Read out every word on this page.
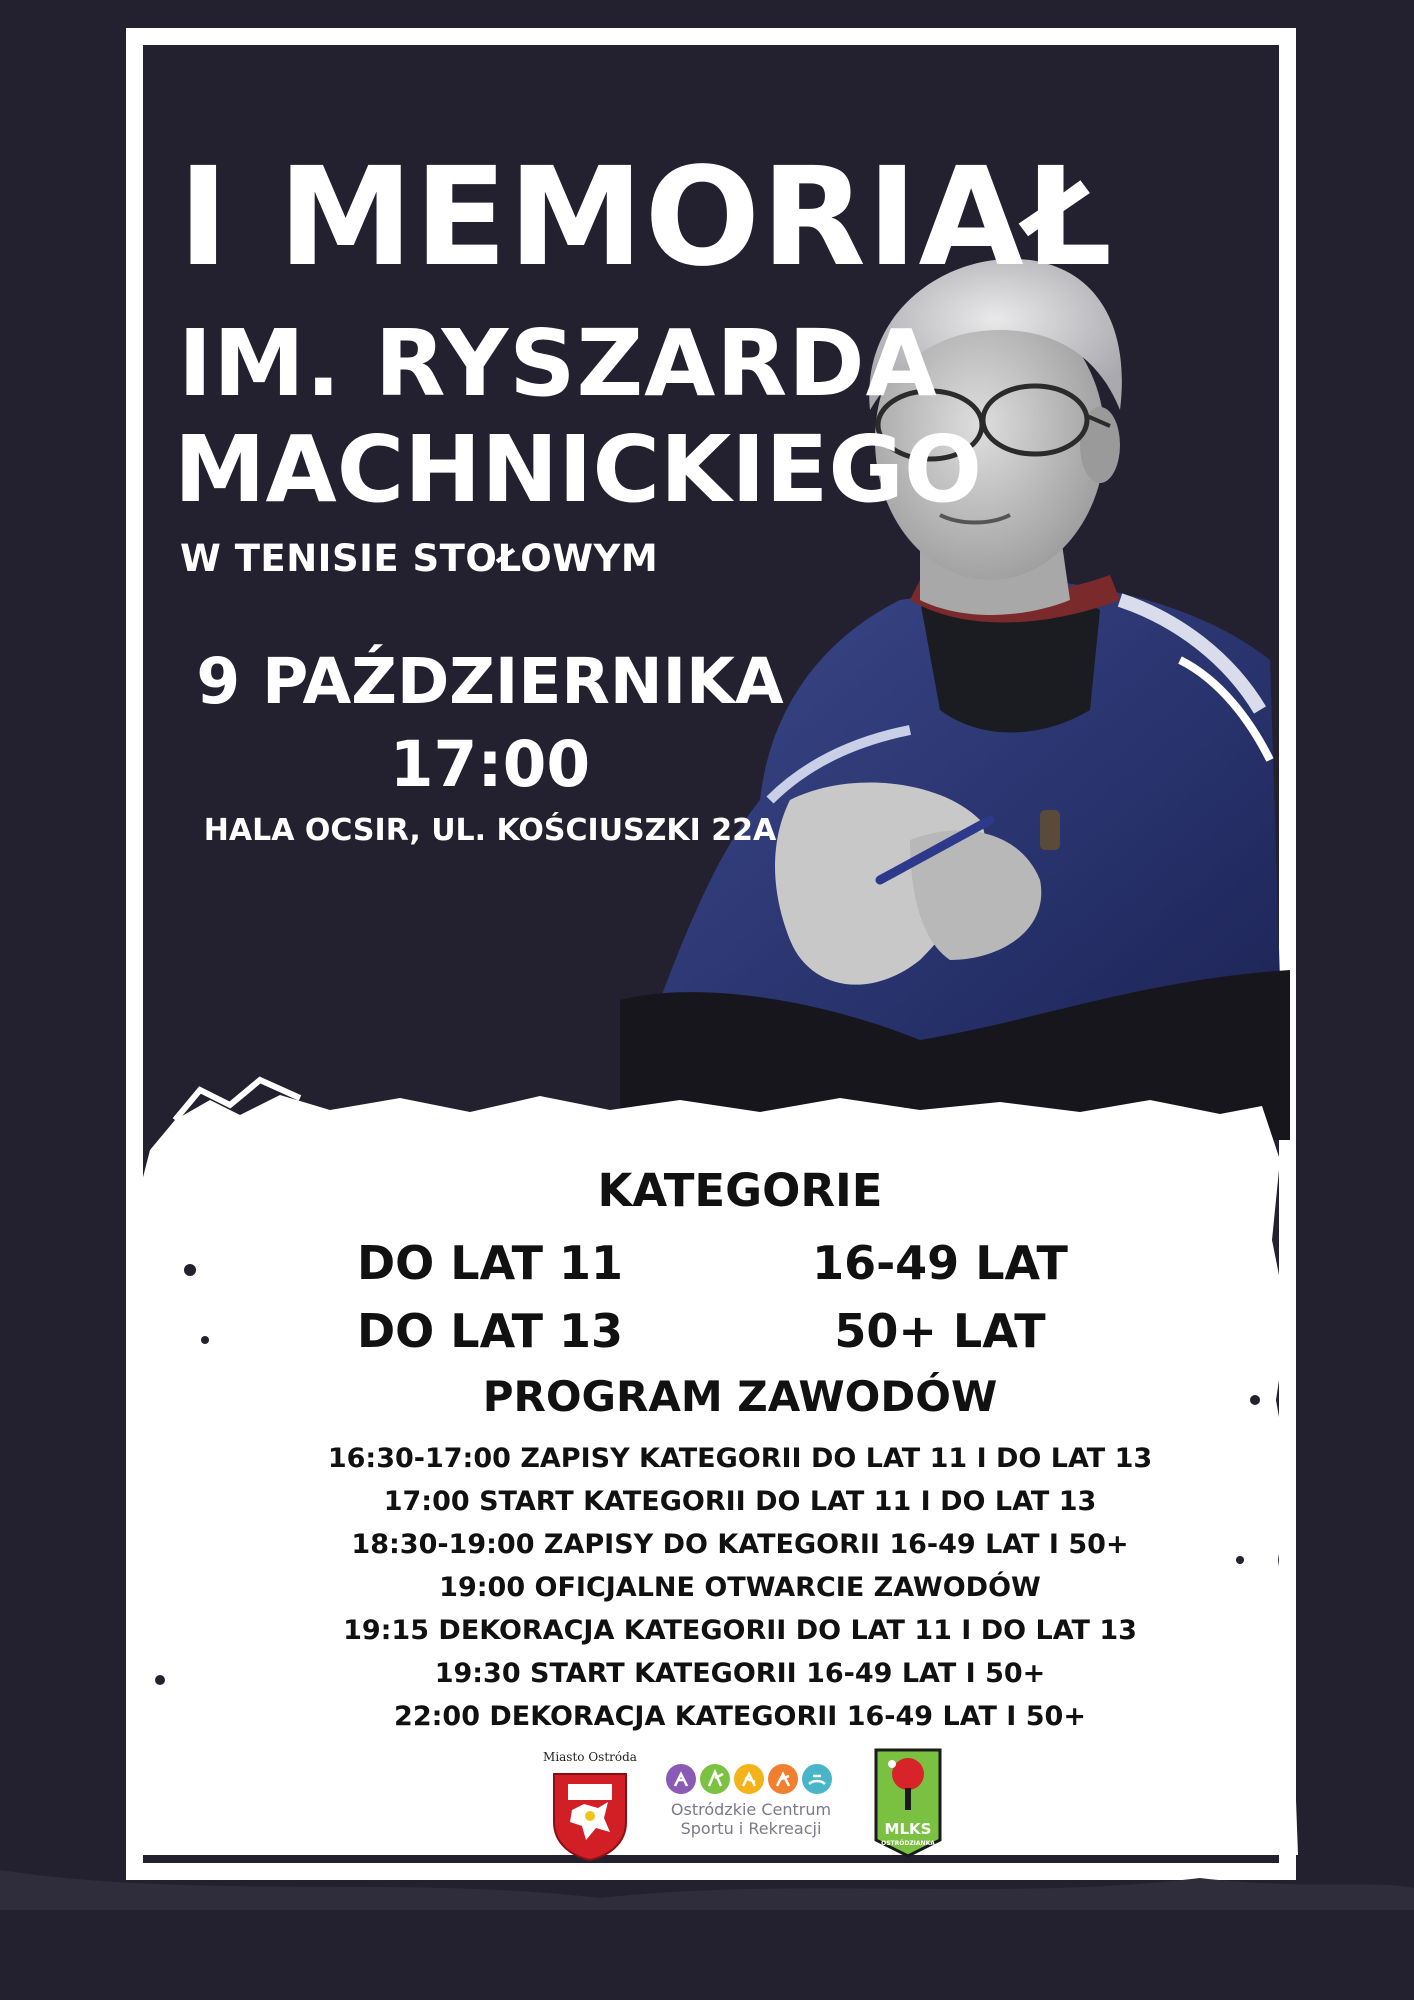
I MEMORIAŁ
IM. RYSZARDA
MACHNICKIEGO
W TENISIE STOŁOWYM
9 PAŹDZIERNIKA
17:00
HALA OCSIR, UL. KOŚCIUSZKI 22A
KATEGORIE
DO LAT 11	16-49 LAT
DO LAT 13	50+ LAT
PROGRAM ZAWODÓW
16:30-17:00 ZAPISY KATEGORII DO LAT 11 I DO LAT 13
17:00 START KATEGORII DO LAT 11 I DO LAT 13
18:30-19:00 ZAPISY DO KATEGORII 16-49 LAT I 50+
19:00 OFICJALNE OTWARCIE ZAWODÓW
19:15 DEKORACJA KATEGORII DO LAT 11 I DO LAT 13
19:30 START KATEGORII 16-49 LAT I 50+
22:00 DEKORACJA KATEGORII 16-49 LAT I 50+
Miasto Ostróda
Ostródzkie Centrum
Sportu i Rekreacji	MLKS
OSTRÓDZIANKA
